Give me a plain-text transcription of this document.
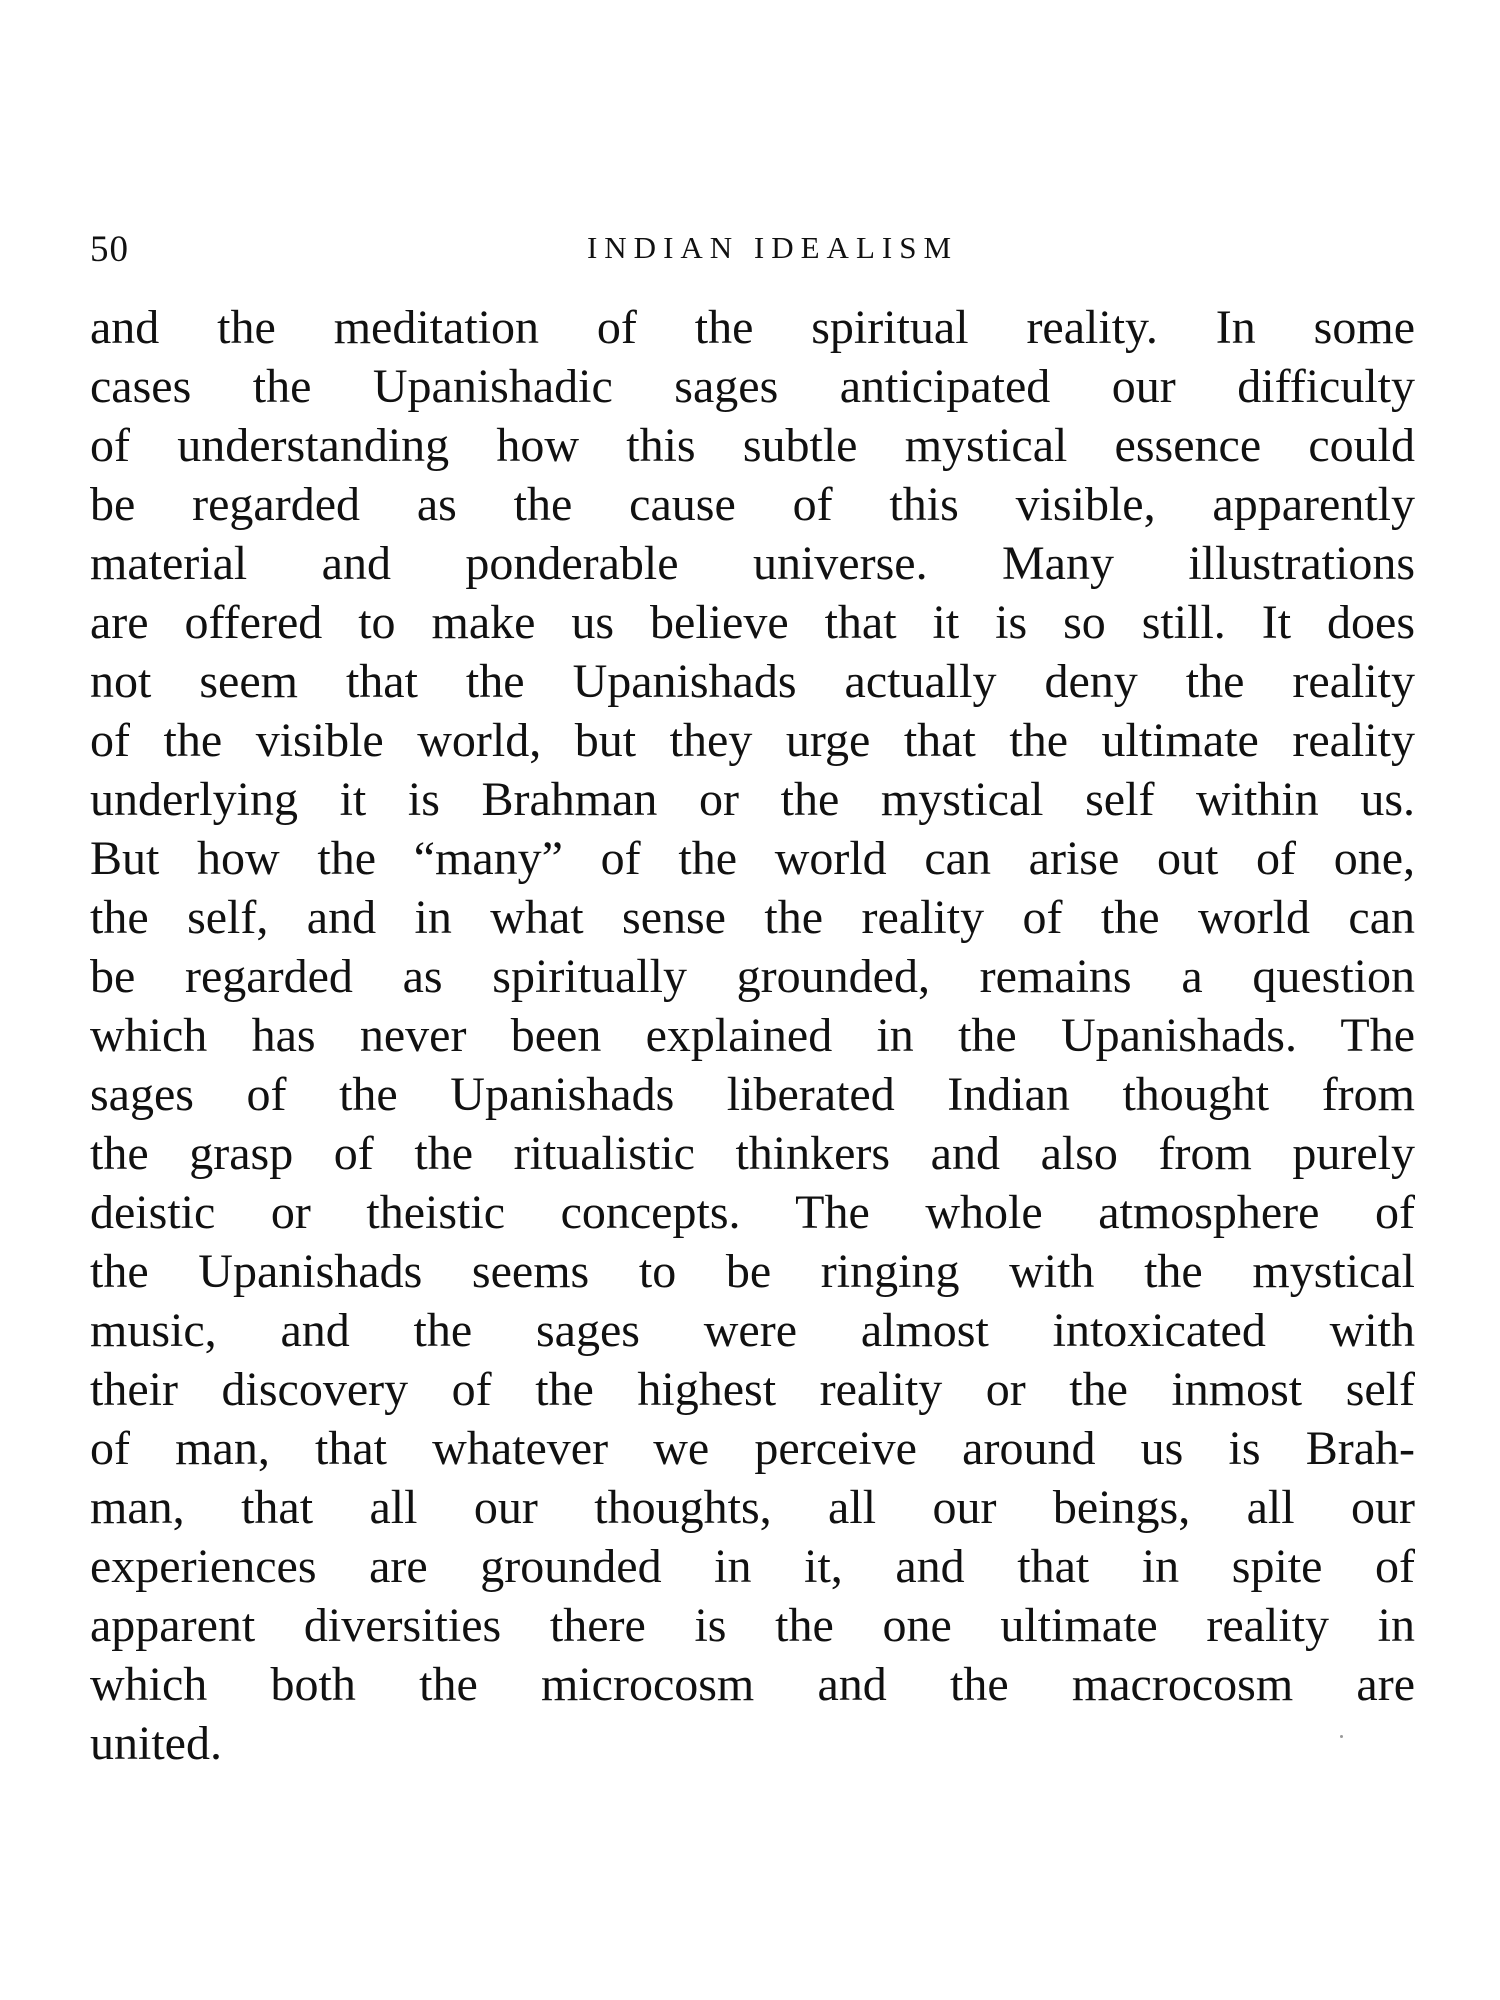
50	INDIAN IDEALISM
and the meditation of the spiritual reality. In some
cases the Upanishadic sages anticipated our difficulty
of understanding how this subtle mystical essence could
be regarded as the cause of this visible, apparently
material and ponderable universe. Many illustrations
are offered to make us believe that it is so still. It does
not seem that the Upanishads actually deny the reality
of the visible world, but they urge that the ultimate reality
underlying it is Brahman or the mystical self within us.
But how the “many” of the world can arise out of one,
the self, and in what sense the reality of the world can
be regarded as spiritually grounded, remains a question
which has never been explained in the Upanishads. The
sages of the Upanishads liberated Indian thought from
the grasp of the ritualistic thinkers and also from purely
deistic or theistic concepts. The whole atmosphere of
the Upanishads seems to be ringing with the mystical
music, and the sages were almost intoxicated with
their discovery of the highest reality or the inmost self
of man, that whatever we perceive around us is Brah-
man, that all our thoughts, all our beings, all our
experiences are grounded in it, and that in spite of
apparent diversities there is the one ultimate reality in
which both the microcosm and the macrocosm are
united.
